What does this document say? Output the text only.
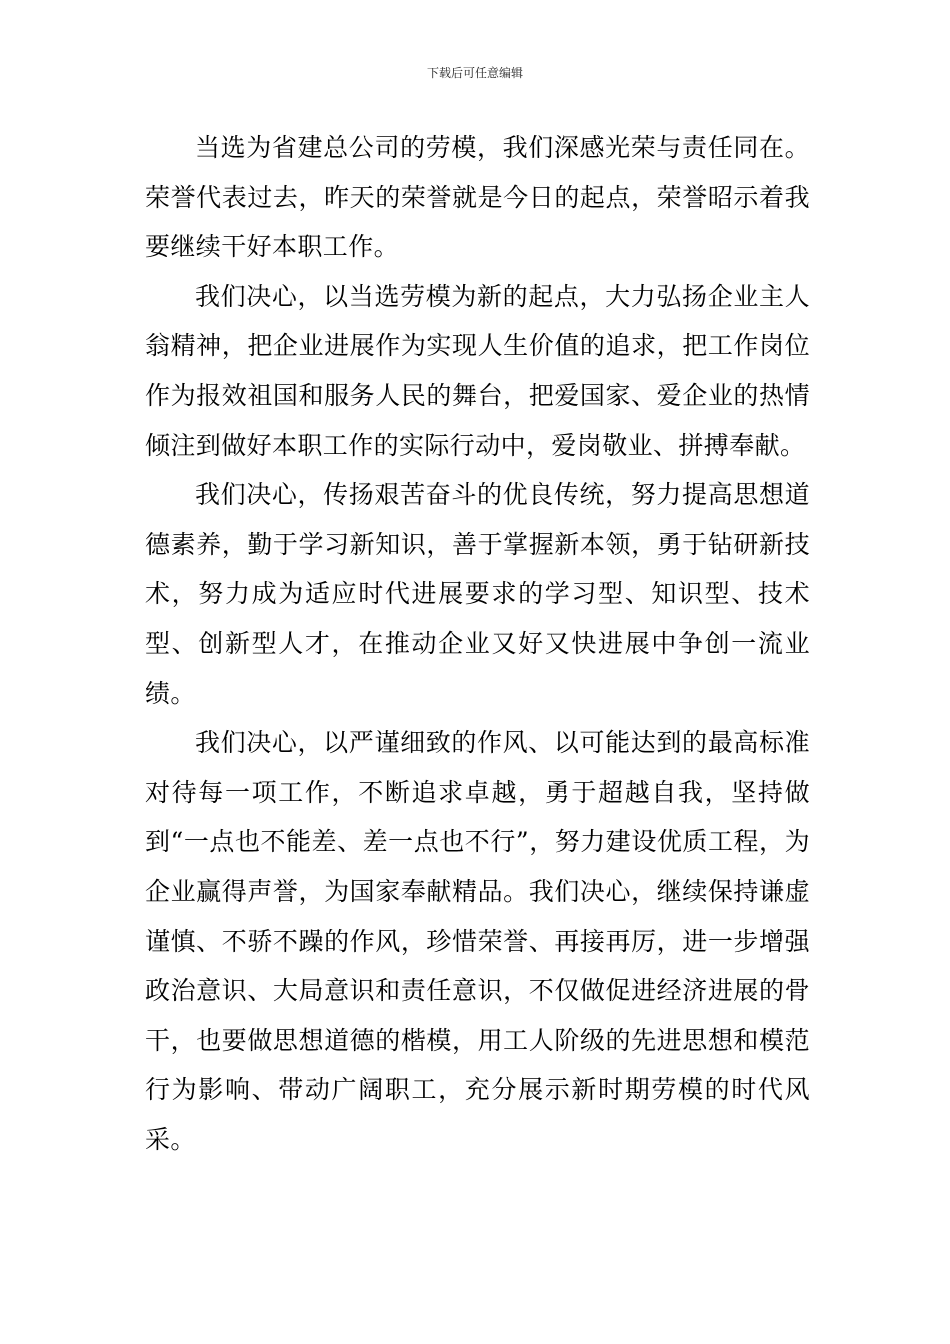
下载后可任意编辑

当选为省建总公司的劳模，我们深感光荣与责任同在。荣誉代表过去，昨天的荣誉就是今日的起点，荣誉昭示着我要继续干好本职工作。

我们决心，以当选劳模为新的起点，大力弘扬企业主人翁精神，把企业进展作为实现人生价值的追求，把工作岗位作为报效祖国和服务人民的舞台，把爱国家、爱企业的热情倾注到做好本职工作的实际行动中，爱岗敬业、拼搏奉献。

我们决心，传扬艰苦奋斗的优良传统，努力提高思想道德素养，勤于学习新知识，善于掌握新本领，勇于钻研新技术，努力成为适应时代进展要求的学习型、知识型、技术型、创新型人才，在推动企业又好又快进展中争创一流业绩。

我们决心，以严谨细致的作风、以可能达到的最高标准对待每一项工作，不断追求卓越，勇于超越自我，坚持做到“一点也不能差、差一点也不行”，努力建设优质工程，为企业赢得声誉，为国家奉献精品。我们决心，继续保持谦虚谨慎、不骄不躁的作风，珍惜荣誉、再接再厉，进一步增强政治意识、大局意识和责任意识，不仅做促进经济进展的骨干，也要做思想道德的楷模，用工人阶级的先进思想和模范行为影响、带动广阔职工，充分展示新时期劳模的时代风采。
